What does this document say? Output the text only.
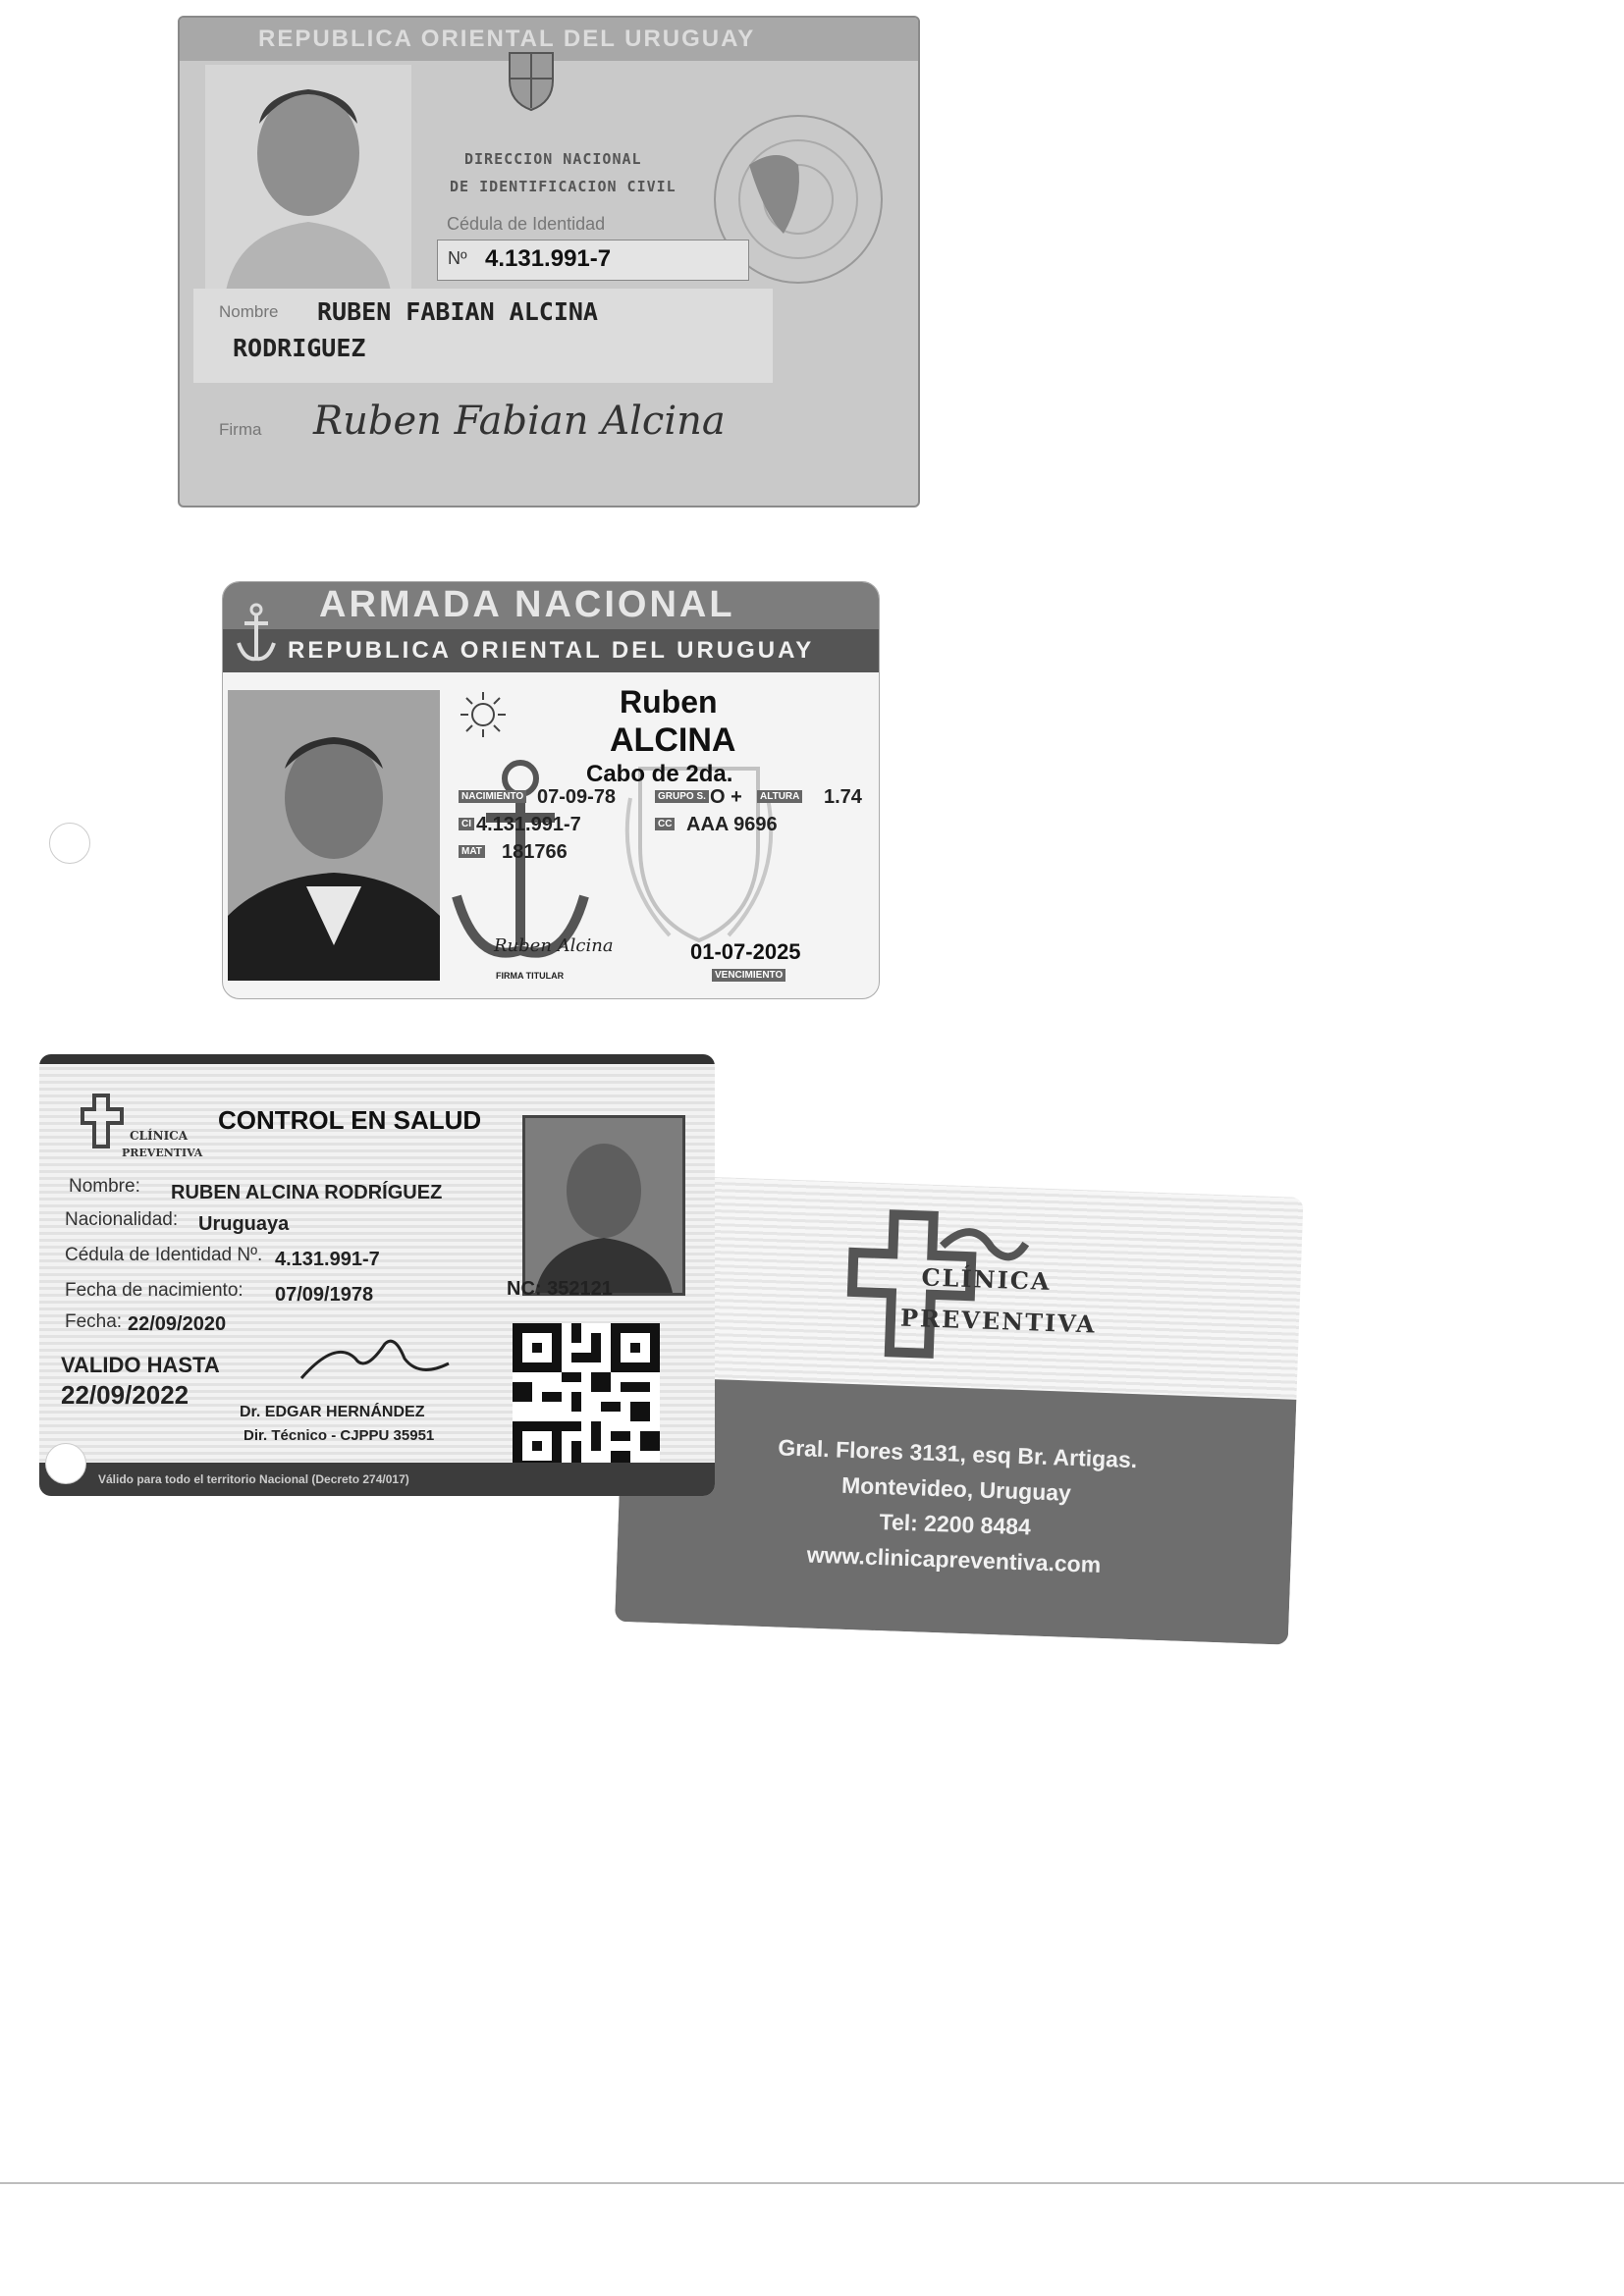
REPUBLICA ORIENTAL DEL URUGUAY
DIRECCION NACIONAL
DE IDENTIFICACION CIVIL
Cédula de Identidad
Nº 4.131.991-7
Nombre RUBEN FABIAN ALCINA
RODRIGUEZ
Firma Ruben Fabian Alcina
ARMADA NACIONAL
REPUBLICA ORIENTAL DEL URUGUAY
Ruben
ALCINA
Cabo de 2da.
NACIMIENTO 07-09-78	GRUPO S. O +	ALTURA 1.74
CI 4.131.991-7	CC AAA 9696
MAT 181766
Ruben Alcina
FIRMA TITULAR
01-07-2025
VENCIMIENTO
CLÍNICA
PREVENTIVA
Gral. Flores 3131, esq Br. Artigas.
Montevideo, Uruguay
Tel: 2200 8484
www.clinicapreventiva.com
CLÍNICA
PREVENTIVA
CONTROL EN SALUD
Nombre: RUBEN ALCINA RODRÍGUEZ
Nacionalidad: Uruguaya
Cédula de Identidad Nº. 4.131.991-7
Fecha de nacimiento: 07/09/1978	NC: 352121
Fecha: 22/09/2020
VALIDO HASTA
22/09/2022
Dr. EDGAR HERNÁNDEZ
Dir. Técnico - CJPPU 35951
Válido para todo el territorio Nacional (Decreto 274/017)
